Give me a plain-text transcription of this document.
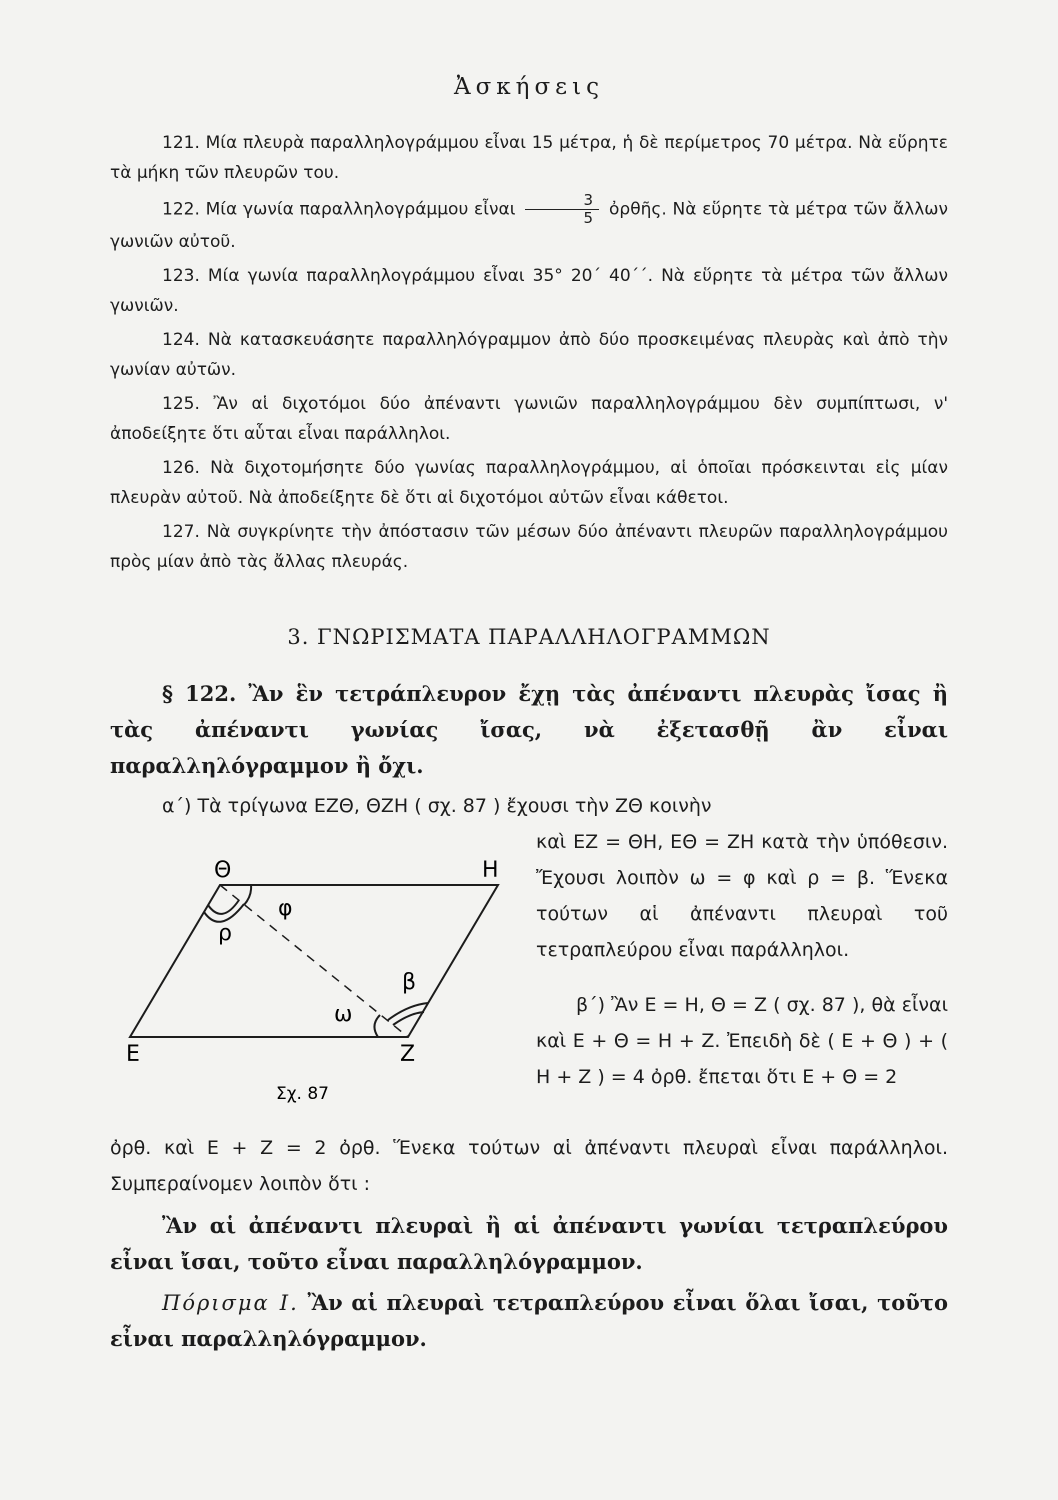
Ἀσκήσεις

121. Μία πλευρὰ παραλληλογράμμου εἶναι 15 μέτρα, ἡ δὲ περίμετρος 70 μέτρα. Νὰ εὕρητε τὰ μήκη τῶν πλευρῶν του.

122. Μία γωνία παραλληλογράμμου εἶναι $\frac{3}{5}$ ὀρθῆς. Νὰ εὕρητε τὰ μέτρα τῶν ἄλλων γωνιῶν αὐτοῦ.

123. Μία γωνία παραλληλογράμμου εἶναι 35° 20΄ 40΄΄. Νὰ εὕρητε τὰ μέτρα τῶν ἄλλων γωνιῶν.

124. Νὰ κατασκευάσητε παραλληλόγραμμον ἀπὸ δύο προσκειμένας πλευρὰς καὶ ἀπὸ τὴν γωνίαν αὐτῶν.

125. Ἂν αἱ διχοτόμοι δύο ἀπέναντι γωνιῶν παραλληλογράμμου δὲν συμπίπτωσι, ν' ἀποδείξητε ὅτι αὗται εἶναι παράλληλοι.

126. Νὰ διχοτομήσητε δύο γωνίας παραλληλογράμμου, αἱ ὁποῖαι πρόσκεινται εἰς μίαν πλευρὰν αὐτοῦ. Νὰ ἀποδείξητε δὲ ὅτι αἱ διχοτόμοι αὐτῶν εἶναι κάθετοι.

127. Νὰ συγκρίνητε τὴν ἀπόστασιν τῶν μέσων δύο ἀπέναντι πλευρῶν παραλληλογράμμου πρὸς μίαν ἀπὸ τὰς ἄλλας πλευράς.

3. ΓΝΩΡΙΣΜΑΤΑ ΠΑΡΑΛΛΗΛΟΓΡΑΜΜΩΝ

§ 122. Ἂν ἓν τετράπλευρον ἔχῃ τὰς ἀπέναντι πλευρὰς ἴσας ἢ τὰς ἀπέναντι γωνίας ἴσας, νὰ ἐξετασθῇ ἂν εἶναι παραλληλόγραμμον ἢ ὄχι.

α΄) Τὰ τρίγωνα ΕΖΘ, ΘΖΗ ( σχ. 87 ) ἔχουσι τὴν ΖΘ κοινὴν

Θ	Η
Ε	Ζ
φ
ρ
ω
β
Σχ. 87

καὶ ΕΖ = ΘΗ, ΕΘ = ΖΗ κατὰ τὴν ὑπόθεσιν. Ἔχουσι λοιπὸν ω = φ καὶ ρ = β. Ἕνεκα τούτων αἱ ἀπέναντι πλευραὶ τοῦ τετραπλεύρου εἶναι παράλληλοι.

β΄) Ἂν Ε = Η, Θ = Ζ ( σχ. 87 ), θὰ εἶναι καὶ Ε + Θ = Η + Ζ. Ἐπειδὴ δὲ ( Ε + Θ ) + ( Η + Ζ ) = 4 ὀρθ. ἔπεται ὅτι Ε + Θ = 2

ὀρθ. καὶ Ε + Ζ = 2 ὀρθ. Ἕνεκα τούτων αἱ ἀπέναντι πλευραὶ εἶναι παράλληλοι. Συμπεραίνομεν λοιπὸν ὅτι :

Ἂν αἱ ἀπέναντι πλευραὶ ἢ αἱ ἀπέναντι γωνίαι τετραπλεύρου εἶναι ἴσαι, τοῦτο εἶναι παραλληλόγραμμον.

Πόρισμα Ι. Ἂν αἱ πλευραὶ τετραπλεύρου εἶναι ὅλαι ἴσαι, τοῦτο εἶναι παραλληλόγραμμον.
